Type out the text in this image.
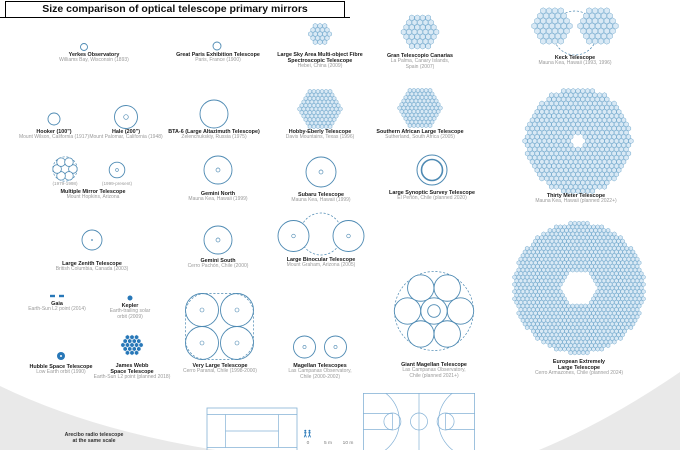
Yerkes Observatory
Williams Bay, Wisconsin (1893)
Great Paris Exhibition Telescope
Paris, France (1900)
Large Sky Area Multi-object Fibre
Spectroscopic Telescope
Hebei, China (2009)
Gran Telescopio Canarias
La Palma, Canary Islands,
Spain (2007)
Keck Telescope
Mauna Kea, Hawaii (1993, 1996)
Hooker (100")
Mount Wilson, California (1917)
Hale (200")
Mount Palomar, California (1948)
BTA-6 (Large Altazimuth Telescope)
Zelenchukskiy, Russia (1975)
Hobby-Eberly Telescope
Davis Mountains, Texas (1996)
Southern African Large Telescope
Sutherland, South Africa (2005)
Thirty Meter Telescope
Mauna Kea, Hawaii (planned 2022+)
Multiple Mirror Telescope
Mount Hopkins, Arizona
(1979-1998)	(1999-present)
Gemini North
Mauna Kea, Hawaii (1999)
Subaru Telescope
Mauna Kea, Hawaii (1999)
Large Synoptic Survey Telescope
El Peñón, Chile (planned 2020)
Large Zenith Telescope
British Columbia, Canada (2003)
Gemini South
Cerro Pachón, Chile (2000)
Large Binocular Telescope
Mount Graham, Arizona (2005)
Gaia
Earth-Sun L2 point (2014)	Kepler
Earth-trailing solar
orbit (2009)
Hubble Space Telescope
Low Earth orbit (1990)
James Webb
Space Telescope
Earth-Sun L2 point (planned 2018)
Very Large Telescope
Cerro Paranal, Chile (1998-2000)
Magellan Telescopes
Las Campanas Observatory,
Chile (2000-2002)
Giant Magellan Telescope
Las Campanas Observatory,
Chile (planned 2021+)
European Extremely
Large Telescope
Cerro Armazones, Chile (planned 2024)
Arecibo radio telescope
at the same scale	0	5 m 10 m
Size comparison of optical telescope primary mirrors
